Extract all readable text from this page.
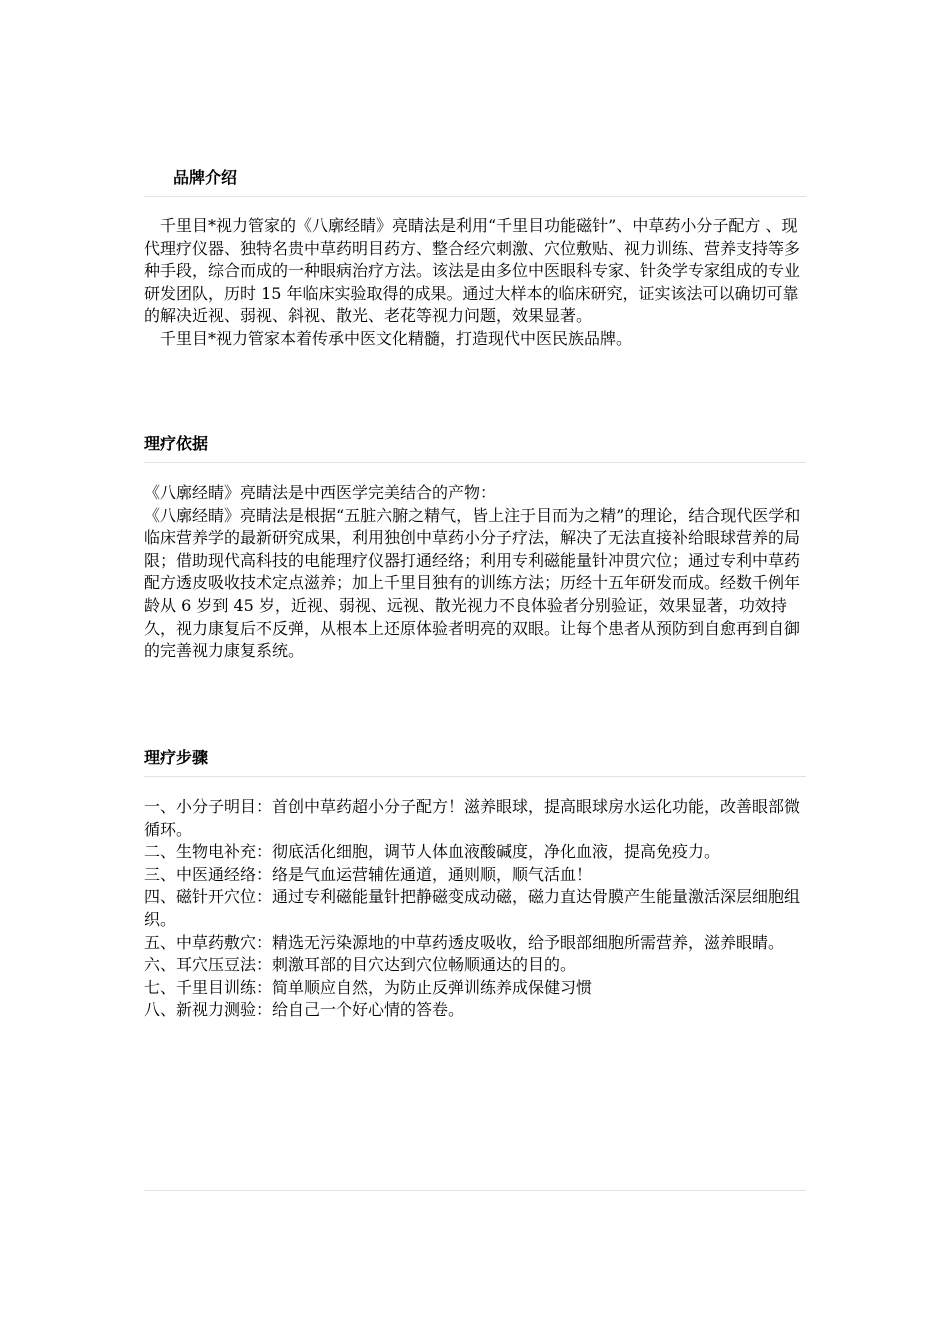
品牌介绍

千里目*视力管家的《八廓经睛》亮睛法是利用“千里目功能磁针”、中草药小分子配方 、现代理疗仪器、独特名贵中草药明目药方、整合经穴刺激、穴位敷贴、视力训练、营养支持等多种手段，综合而成的一种眼病治疗方法。该法是由多位中医眼科专家、针灸学专家组成的专业研发团队，历时 15 年临床实验取得的成果。通过大样本的临床研究，证实该法可以确切可靠的解决近视、弱视、斜视、散光、老花等视力问题，效果显著。

千里目*视力管家本着传承中医文化精髓，打造现代中医民族品牌。

理疗依据

《八廓经睛》亮睛法是中西医学完美结合的产物：

《八廓经睛》亮睛法是根据“五脏六腑之精气，皆上注于目而为之精”的理论，结合现代医学和临床营养学的最新研究成果，利用独创中草药小分子疗法，解决了无法直接补给眼球营养的局限；借助现代高科技的电能理疗仪器打通经络；利用专利磁能量针冲贯穴位；通过专利中草药配方透皮吸收技术定点滋养；加上千里目独有的训练方法；历经十五年研发而成。经数千例年龄从 6 岁到 45 岁，近视、弱视、远视、散光视力不良体验者分别验证，效果显著，功效持久，视力康复后不反弹，从根本上还原体验者明亮的双眼。让每个患者从预防到自愈再到自御的完善视力康复系统。

理疗步骤

一、小分子明目：首创中草药超小分子配方！滋养眼球，提高眼球房水运化功能，改善眼部微循环。

二、生物电补充：彻底活化细胞，调节人体血液酸碱度，净化血液，提高免疫力。

三、中医通经络：络是气血运营辅佐通道，通则顺，顺气活血！

四、磁针开穴位：通过专利磁能量针把静磁变成动磁，磁力直达骨膜产生能量激活深层细胞组织。

五、中草药敷穴：精选无污染源地的中草药透皮吸收，给予眼部细胞所需营养，滋养眼睛。

六、耳穴压豆法：刺激耳部的目穴达到穴位畅顺通达的目的。

七、千里目训练：简单顺应自然，为防止反弹训练养成保健习惯

八、新视力测验：给自己一个好心情的答卷。
